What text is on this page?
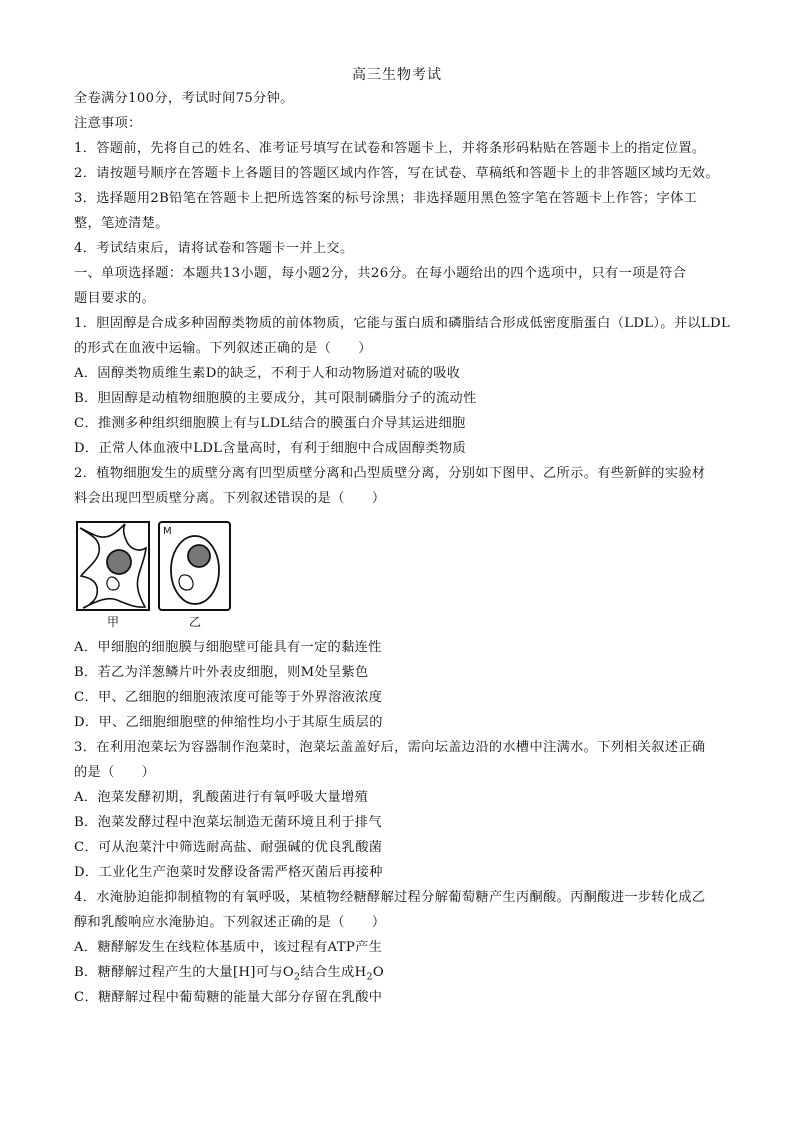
高三生物考试
全卷满分100分，考试时间75分钟。
注意事项：
1．答题前，先将自己的姓名、准考证号填写在试卷和答题卡上，并将条形码粘贴在答题卡上的指定位置。
2．请按题号顺序在答题卡上各题目的答题区域内作答，写在试卷、草稿纸和答题卡上的非答题区域均无效。
3．选择题用2B铅笔在答题卡上把所选答案的标号涂黑；非选择题用黑色签字笔在答题卡上作答；字体工
整，笔迹清楚。
4．考试结束后，请将试卷和答题卡一并上交。
一、单项选择题：本题共13小题，每小题2分，共26分。在每小题给出的四个选项中，只有一项是符合
题目要求的。
1．胆固醇是合成多种固醇类物质的前体物质，它能与蛋白质和磷脂结合形成低密度脂蛋白（LDL）。并以LDL
的形式在血液中运输。下列叙述正确的是（　　）
A．固醇类物质维生素D的缺乏，不利于人和动物肠道对硫的吸收
B．胆固醇是动植物细胞膜的主要成分，其可限制磷脂分子的流动性
C．推测多种组织细胞膜上有与LDL结合的膜蛋白介导其运进细胞
D．正常人体血液中LDL含量高时，有利于细胞中合成固醇类物质
2．植物细胞发生的质壁分离有凹型质壁分离和凸型质壁分离，分别如下图甲、乙所示。有些新鲜的实验材
料会出现凹型质壁分离。下列叙述错误的是（　　）
甲	乙
M
A．甲细胞的细胞膜与细胞壁可能具有一定的黏连性
B．若乙为洋葱鳞片叶外表皮细胞，则M处呈紫色
C．甲、乙细胞的细胞液浓度可能等于外界溶液浓度
D．甲、乙细胞细胞壁的伸缩性均小于其原生质层的
3．在利用泡菜坛为容器制作泡菜时，泡菜坛盖盖好后，需向坛盖边沿的水槽中注满水。下列相关叙述正确
的是（　　）
A．泡菜发酵初期，乳酸菌进行有氧呼吸大量增殖
B．泡菜发酵过程中泡菜坛制造无菌环境且利于排气
C．可从泡菜汁中筛选耐高盐、耐强碱的优良乳酸菌
D．工业化生产泡菜时发酵设备需严格灭菌后再接种
4．水淹胁迫能抑制植物的有氧呼吸，某植物经糖酵解过程分解葡萄糖产生丙酮酸。丙酮酸进一步转化成乙
醇和乳酸响应水淹胁迫。下列叙述正确的是（　　）
A．糖酵解发生在线粒体基质中，该过程有ATP产生
B．糖酵解过程产生的大量[H]可与$O_2$结合生成$H_2O$
C．糖酵解过程中葡萄糖的能量大部分存留在乳酸中
